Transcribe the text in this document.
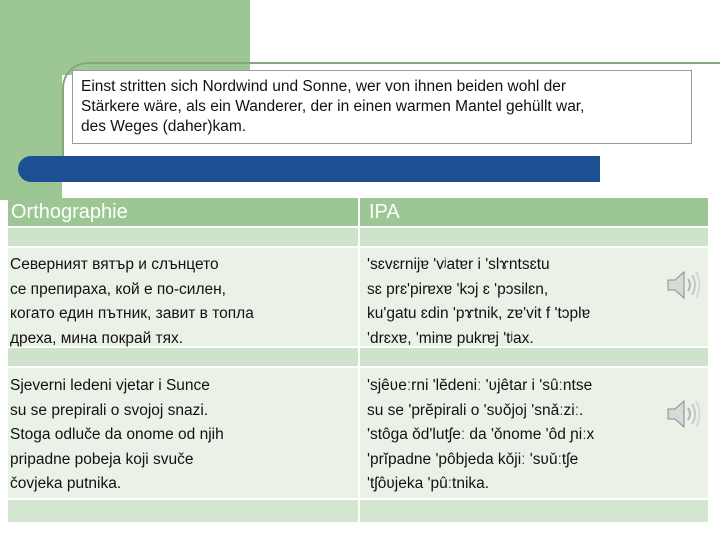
Einst stritten sich Nordwind und Sonne, wer von ihnen beiden wohl der
Stärkere wäre, als ein Wanderer, der in einen warmen Mantel gehüllt war,
des Weges (daher)kam.
Orthographie	IPA
Северният вятър и слънцето
се препираха, кой е по-силен,
когато един пътник, завит в топла
дреха, мина покрай тях.
'sɛvɛrnijɐ 'vʲatɐr i 'slɤntsɛtu
sɛ prɛ'pirɐxɐ 'kɔj ɛ 'pɔsilɛn,
ku'gatu ɛdin 'pɤtnik, zɐ'vit f 'tɔplɐ
'drɛxɐ, 'minɐ pukrɐj 'tʲax.
Sjeverni ledeni vjetar i Sunce
su se prepirali o svojoj snazi.
Stoga odluče da onome od njih
pripadne pobeja koji svuče
čovjeka putnika.
'sjêʋeːrni 'lĕdeniː 'ʋjêtar i 'sûːntse
su se 'prĕpirali o 'sʋǒjoj 'snǎːziː.
'stôɡa ǒd'lutʃeː da 'ǒnome 'ôd ɲiːx
'prĭpadne 'pôbjeda kǒjiː 'sʋǔːtʃe
'tʃôʋjeka 'pûːtnika.
